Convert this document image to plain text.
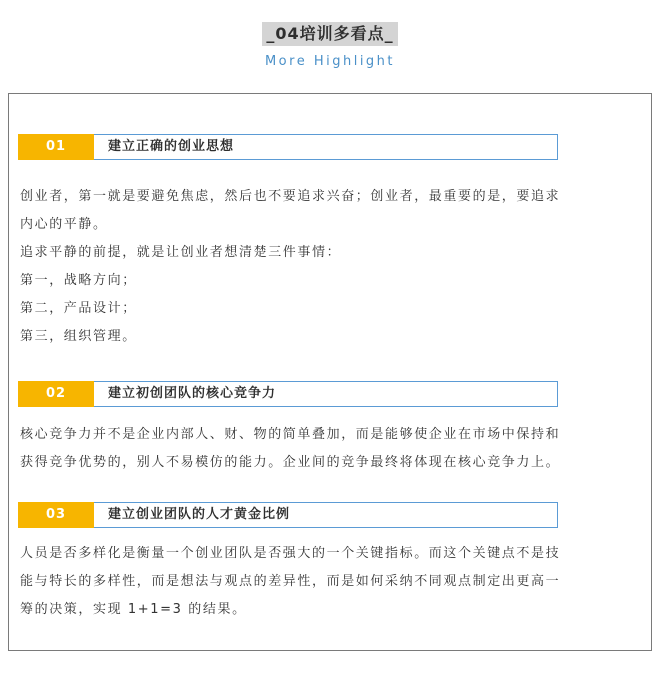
_04培训多看点_
More Highlight
01	建立正确的创业思想

创业者，第一就是要避免焦虑，然后也不要追求兴奋；创业者，最重要的是，要追求

内心的平静。

追求平静的前提，就是让创业者想清楚三件事情：

第一，战略方向；

第二，产品设计；

第三，组织管理。

02	建立初创团队的核心竞争力

核心竞争力并不是企业内部人、财、物的简单叠加，而是能够使企业在市场中保持和

获得竞争优势的，别人不易模仿的能力。企业间的竞争最终将体现在核心竞争力上。

03	建立创业团队的人才黄金比例

人员是否多样化是衡量一个创业团队是否强大的一个关键指标。而这个关键点不是技

能与特长的多样性，而是想法与观点的差异性，而是如何采纳不同观点制定出更高一

筹的决策，实现 1+1=3 的结果。
